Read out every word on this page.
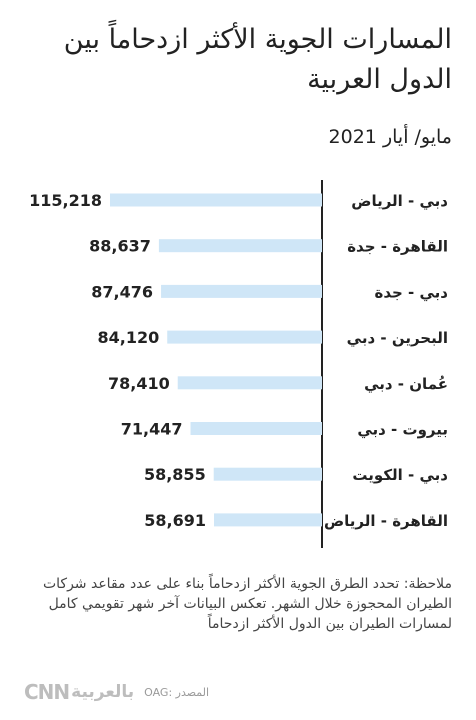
المسارات الجوية الأكثر ازدحاماً بين الدول العربية
مايو/ أيار 2021
115,218	دبي - الرياض
88,637	القاهرة - جدة
87,476	دبي - جدة
84,120	البحرين - دبي
78,410	عُمان - دبي
71,447	بيروت - دبي
58,855	دبي - الكويت
58,691	القاهرة - الرياض
ملاحظة: تحدد الطرق الجوية الأكثر ازدحاماً بناء على عدد مقاعد شركات الطيران المحجوزة خلال الشهر. تعكس البيانات آخر شهر تقويمي كامل لمسارات الطيران بين الدول الأكثر ازدحاماً
CNN بالعربية المصدر :OAG
